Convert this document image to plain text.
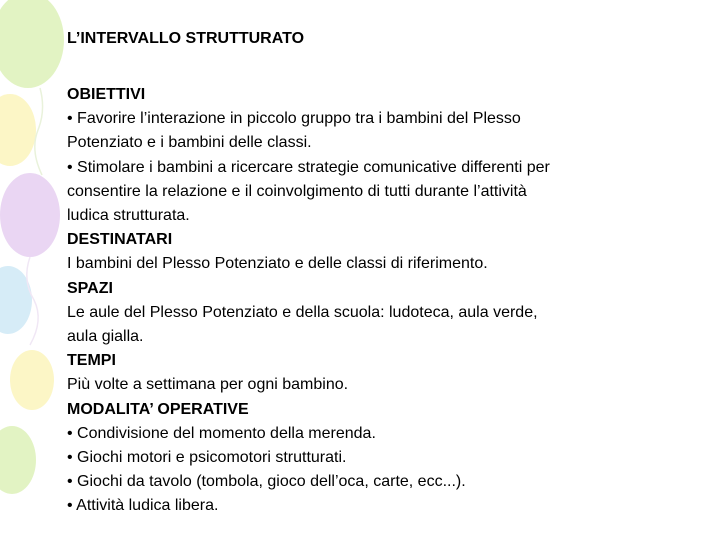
L’INTERVALLO STRUTTURATO
OBIETTIVI
• Favorire l’interazione in piccolo gruppo tra i bambini del Plesso
Potenziato e i bambini delle classi.
• Stimolare i bambini a ricercare strategie comunicative differenti per
consentire la relazione e il coinvolgimento di tutti durante l’attività
ludica strutturata.
DESTINATARI
I bambini del Plesso Potenziato e delle classi di riferimento.
SPAZI
Le aule del Plesso Potenziato e della scuola: ludoteca, aula verde,
aula gialla.
TEMPI
Più volte a settimana per ogni bambino.
MODALITA’ OPERATIVE
• Condivisione del momento della merenda.
• Giochi motori e psicomotori strutturati.
• Giochi da tavolo (tombola, gioco dell’oca, carte, ecc...).
• Attività ludica libera.
